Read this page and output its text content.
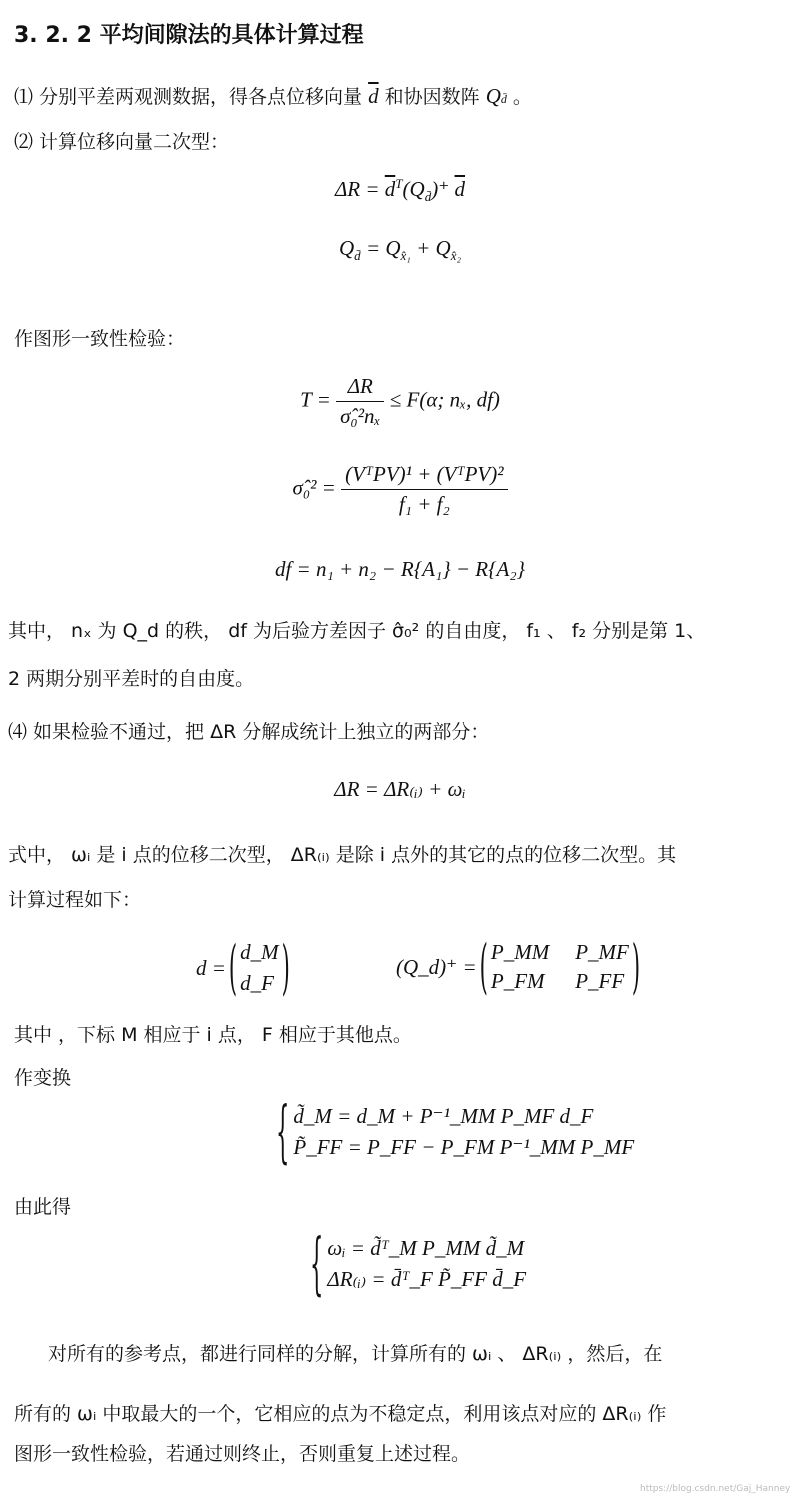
3. 2. 2 平均间隙法的具体计算过程
⑴ 分别平差两观测数据，得各点位移向量 $\overline{d}$ 和协因数阵 Qd̄ 。
⑵ 计算位移向量二次型：
$\Delta R = \overline{d}^T(Q_{d̄})^+$ $\overline{d}$
$Q_{d̄} = Q_{x̂_1} + Q_{x̂_2}$
作图形一致性检验：
$T = \frac{\Delta R}{\text{σ̂₀²nₓ}} \le F(\alpha$; nₓ, df)
σ̂₀² = $\frac{\text{(VᵀPV)¹ + (VᵀPV)²}}{\text{f₁ + f₂}}$
df = n₁ + n₂ − R{A₁} − R{A₂}
其中， nₓ 为 Q_d 的秩， df 为后验方差因子 σ̂₀² 的自由度， f₁ 、 f₂ 分别是第 1、
2 两期分别平差时的自由度。
⑷ 如果检验不通过，把 ΔR 分解成统计上独立的两部分：
ΔR = ΔR₍ᵢ₎ + ωᵢ
式中， ωᵢ 是 i 点的位移二次型， ΔR₍ᵢ₎ 是除 i 点外的其它的点的位移二次型。其
计算过程如下：
d = ( d_M
d_F )	(Q_d)⁺ = ( P_MM P_MF
P_FM P_FF )
其中 ，下标 M 相应于 i 点， F 相应于其他点。
作变换
{ d̃_M = d_M + P⁻¹_MM P_MF d_F
P̃_FF = P_FF − P_FM P⁻¹_MM P_MF
由此得
{ ωᵢ = d̃ᵀ_M P_MM d̃_M
ΔR₍ᵢ₎ = d̄ᵀ_F P̃_FF d̄_F
对所有的参考点，都进行同样的分解，计算所有的 ωᵢ 、 ΔR₍ᵢ₎ ，然后，在
所有的 ωᵢ 中取最大的一个，它相应的点为不稳定点，利用该点对应的 ΔR₍ᵢ₎ 作
图形一致性检验，若通过则终止，否则重复上述过程。
https://blog.csdn.net/Gaj_Hanney
